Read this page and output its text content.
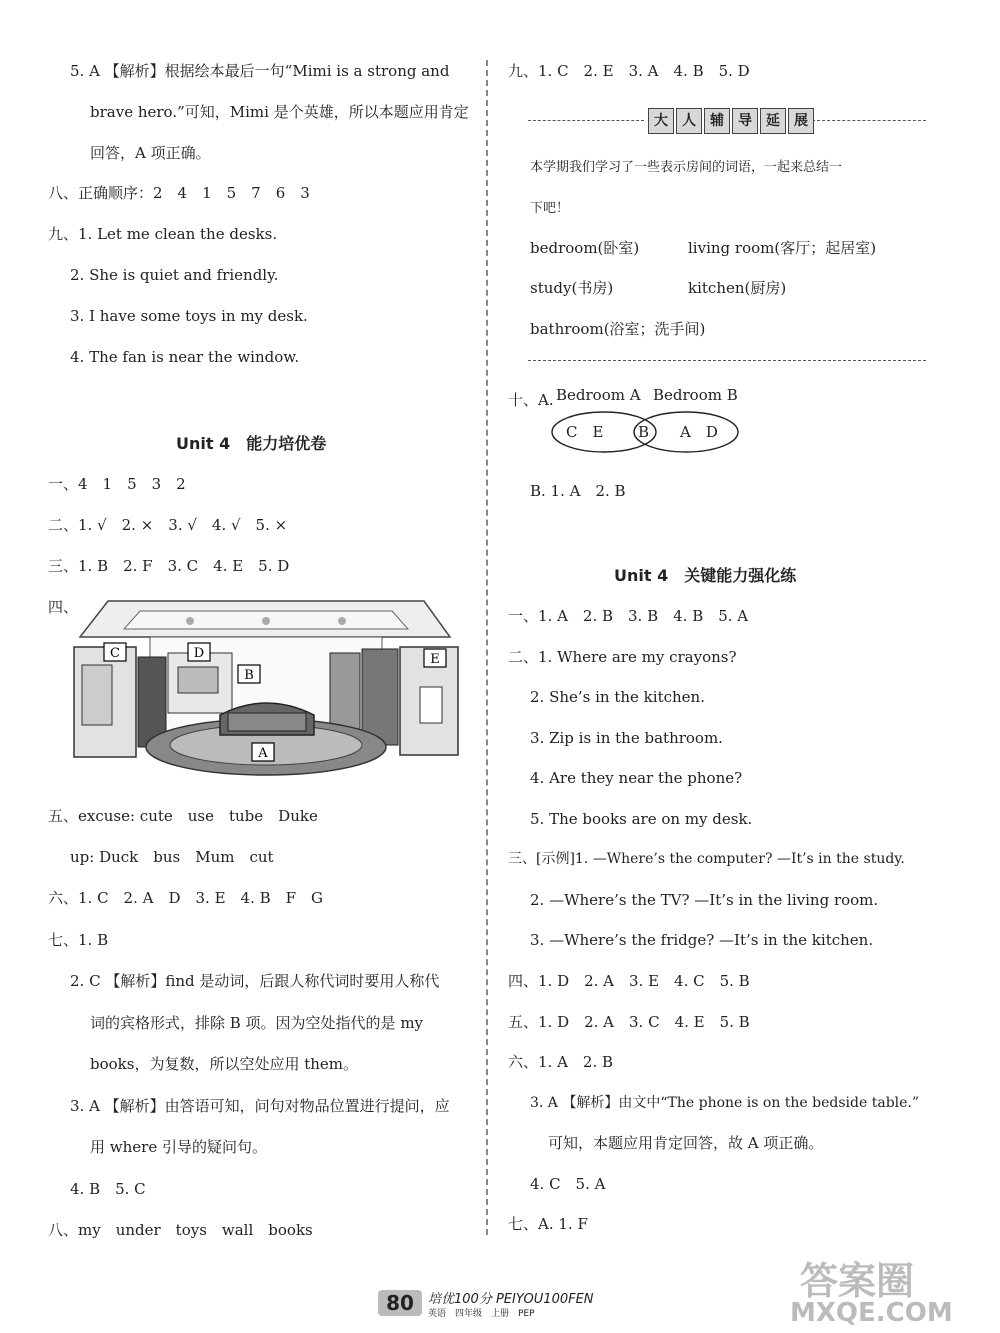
5. A 【解析】根据绘本最后一句“Mimi is a strong and
brave hero.”可知，Mimi 是个英雄，所以本题应用肯定
回答，A 项正确。
八、正确顺序：2　4　1　5　7　6　3
九、1. Let me clean the desks.
2. She is quiet and friendly.
3. I have some toys in my desk.
4. The fan is near the window.
Unit 4　能力培优卷
一、4　1　5　3　2
二、1. √　2. ×　3. √　4. √　5. ×
三、1. B　2. F　3. C　4. E　5. D
四、
C	D
B
E
A
五、excuse: cute　use　tube　Duke
up: Duck　bus　Mum　cut
六、1. C　2. A　D　3. E　4. B　F　G
七、1. B
2. C 【解析】find 是动词，后跟人称代词时要用人称代
词的宾格形式，排除 B 项。因为空处指代的是 my
books，为复数，所以空处应用 them。
3. A 【解析】由答语可知，问句对物品位置进行提问，应
用 where 引导的疑问句。
4. B　5. C
八、my　under　toys　wall　books
九、1. C　2. E　3. A　4. B　5. D
大	人	辅	导	延	展
本学期我们学习了一些表示房间的词语，一起来总结一
下吧！
bedroom(卧室)	living room(客厅；起居室)
study(书房)	kitchen(厨房)
bathroom(浴室；洗手间)
十、A. Bedroom A Bedroom B
C　E B A　D
B. 1. A　2. B
Unit 4　关键能力强化练
一、1. A　2. B　3. B　4. B　5. A
二、1. Where are my crayons?
2. She’s in the kitchen.
3. Zip is in the bathroom.
4. Are they near the phone?
5. The books are on my desk.
三、[示例]1. —Where’s the computer? —It’s in the study.
2. —Where’s the TV? —It’s in the living room.
3. —Where’s the fridge? —It’s in the kitchen.
四、1. D　2. A　3. E　4. C　5. B
五、1. D　2. A　3. C　4. E　5. B
六、1. A　2. B
3. A 【解析】由文中“The phone is on the bedside table.”
可知，本题应用肯定回答，故 A 项正确。
4. C　5. A
七、A. 1. F
80	培优100分 PEIYOU100FEN
英语　四年级　上册　PEP
答案圈
MXQE.COM
